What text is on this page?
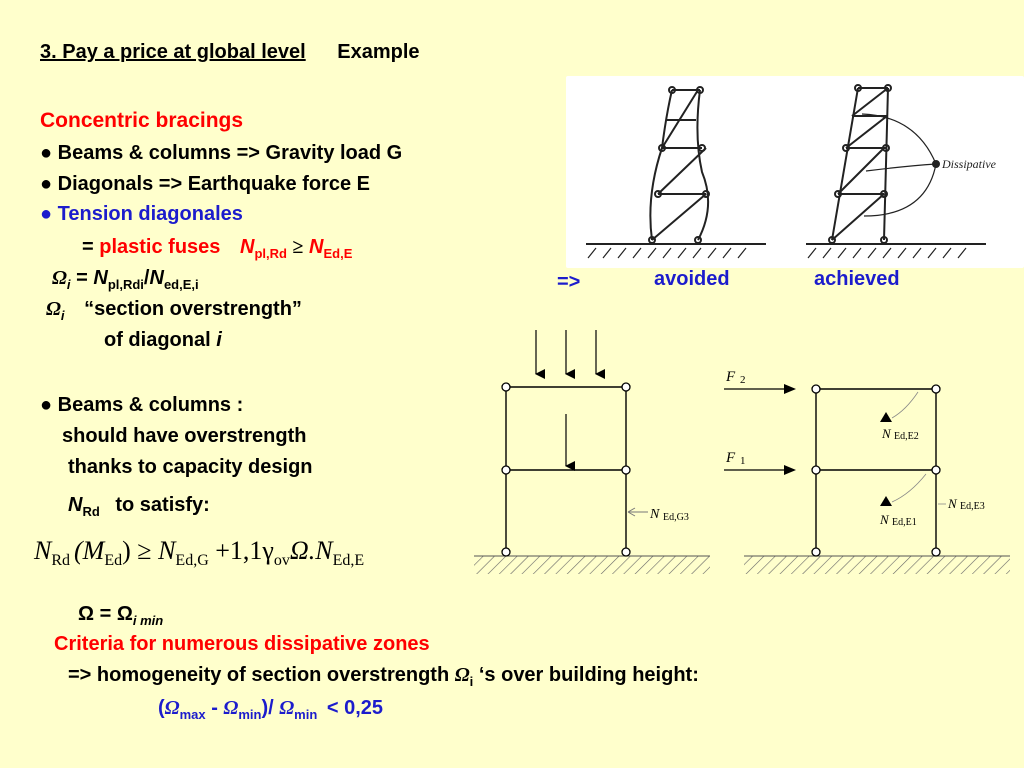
3. Pay a price at global level Example
Concentric bracings
● Beams & columns => Gravity load G
● Diagonals => Earthquake force E
● Tension diagonales
= plastic fuses $N_{pl,Rd} \ge N_{Ed,E}$
$\Omega_i = N_{pl,Rdi}/N_{ed,E,i}$
$\Omega_i$ “section overstrength”
of diagonal i
Dissipative
=>	avoided	achieved
● Beams & columns :
should have overstrength
thanks to capacity design
$N_{Rd}$ to satisfy:
$N_{Rd}$ $(M_{Ed}) \ge N_{Ed,G} +1,1\gamma_{ov}\Omega.N_{Ed,E}$
$\Omega = \Omega_{i min}$
Criteria for numerous dissipative zones
=> homogeneity of section overstrength $\Omega_i$ ‘s over building height:
$(\Omega_{max} - \Omega_{min})/$ $\Omega_{min} < 0,25$
N Ed,G3
F 2
F 1
N Ed,E2
N Ed,E3
N Ed,E1
